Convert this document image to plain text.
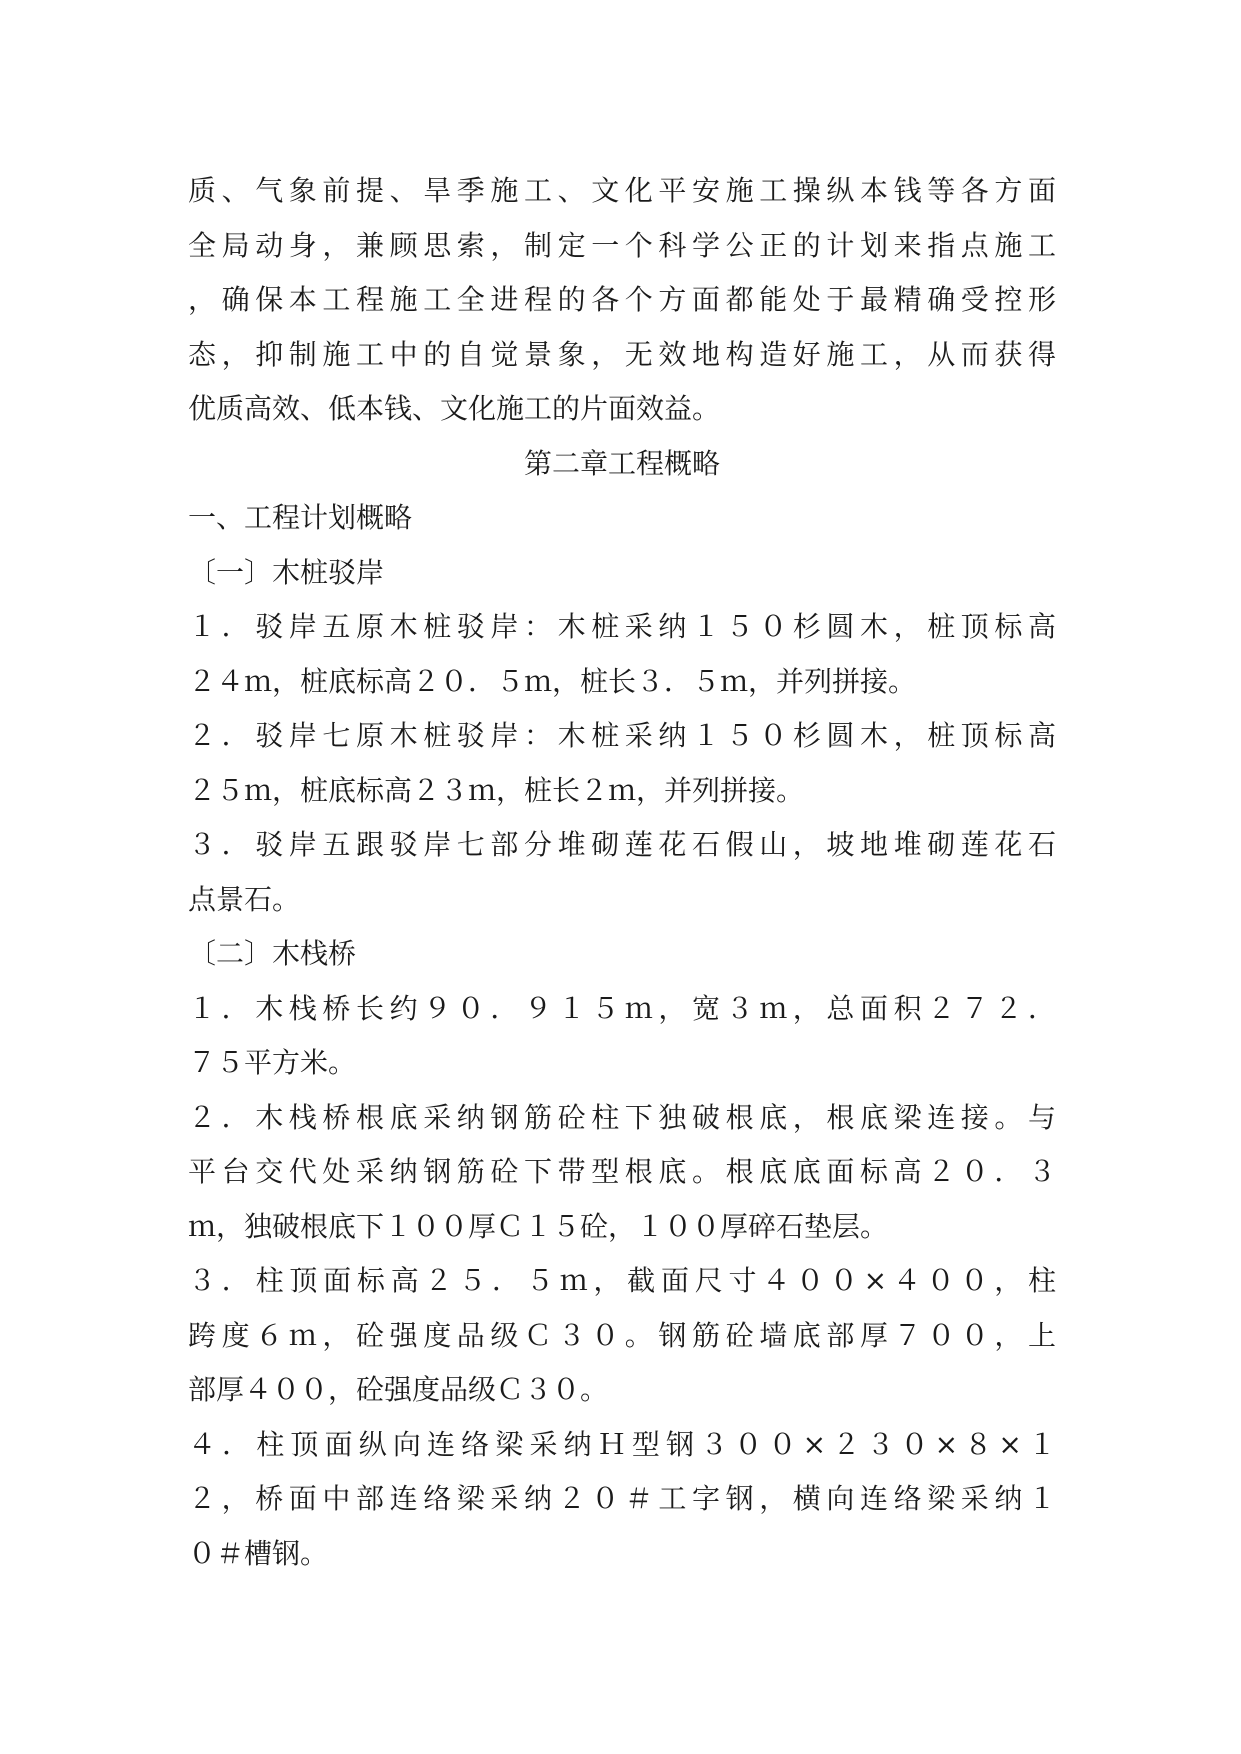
质、气象前提、旱季施工、文化平安施工操纵本钱等各方面
全局动身，兼顾思索，制定一个科学公正的计划来指点施工
，确保本工程施工全进程的各个方面都能处于最精确受控形
态，抑制施工中的自觉景象，无效地构造好施工，从而获得
优质高效、低本钱、文化施工的片面效益。
第二章工程概略
一、工程计划概略
〔一〕木桩驳岸
１．驳岸五原木桩驳岸：木桩采纳１５０杉圆木，桩顶标高
２４ｍ，桩底标高２０．５ｍ，桩长３．５ｍ，并列拼接。
２．驳岸七原木桩驳岸：木桩采纳１５０杉圆木，桩顶标高
２５ｍ，桩底标高２３ｍ，桩长２ｍ，并列拼接。
３．驳岸五跟驳岸七部分堆砌莲花石假山，坡地堆砌莲花石
点景石。
〔二〕木栈桥
１．木栈桥长约９０．９１５ｍ，宽３ｍ，总面积２７２．
７５平方米。
２．木栈桥根底采纳钢筋砼柱下独破根底，根底梁连接。与
平台交代处采纳钢筋砼下带型根底。根底底面标高２０．３
ｍ，独破根底下１００厚Ｃ１５砼，１００厚碎石垫层。
３．柱顶面标高２５．５ｍ，截面尺寸４００×４００，柱
跨度６ｍ，砼强度品级Ｃ３０。钢筋砼墙底部厚７００，上
部厚４００，砼强度品级Ｃ３０。
４．柱顶面纵向连络梁采纳Ｈ型钢３００×２３０×８×１
２，桥面中部连络梁采纳２０＃工字钢，横向连络梁采纳１
０＃槽钢。
